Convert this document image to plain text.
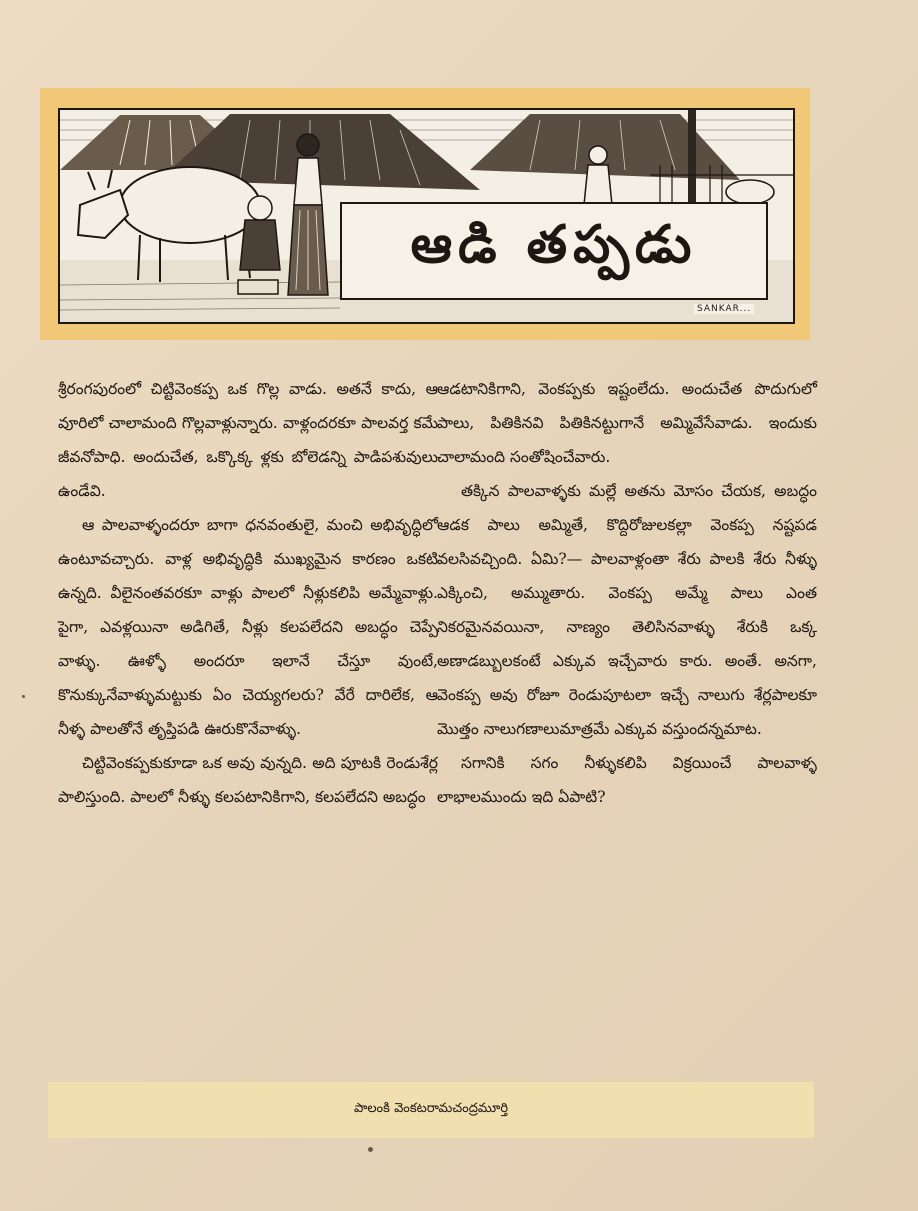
ఆడి తప్పడు
SANKAR...

శ్రీరంగపురంలో చిట్టివెంకప్ప ఒక గొల్ల వాడు. అతనే కాదు, ఆ వూరిలో చాలామంది గొల్లవాళ్లున్నారు. వాళ్లందరకూ పాలవర్త కమే జీవనోపాధి. అందుచేత, ఒక్కొక్క ళ్లకు బోలెడన్ని పాడిపశువులు ఉండేవి.

ఆ పాలవాళ్ళందరూ బాగా ధనవంతులై, మంచి అభివృద్ధిలో ఉంటూవచ్చారు. వాళ్ల అభివృద్ధికి ముఖ్యమైన కారణం ఒకటి ఉన్నది. వీలైనంతవరకూ వాళ్లు పాలలో నీళ్లుకలిపి అమ్మేవాళ్లు. పైగా, ఎవళ్లయినా అడిగితే, నీళ్లు కలపలేదని అబద్ధం చెప్పే వాళ్ళు. ఊళ్ళో అందరూ ఇలానే చేస్తూ వుంటే, కొనుక్కునేవాళ్ళుమట్టుకు ఏం చెయ్యగలరు? వేరే దారిలేక, ఆ నీళ్ళ పాలతోనే తృప్తిపడి ఊరుకొనేవాళ్ళు.

చిట్టివెంకప్పకుకూడా ఒక అవు వున్నది. అది పూటకి రెండుశేర్ల పాలిస్తుంది. పాలలో నీళ్ళు కలపటానికిగాని, కలపలేదని అబద్ధం

ఆడటానికిగాని, వెంకప్పకు ఇష్టంలేదు. అందుచేత పొదుగులో పాలు, పితికినవి పితికినట్టుగానే అమ్మివేసేవాడు. ఇందుకు చాలామంది సంతోషించేవారు.

తక్కిన పాలవాళ్ళకు మల్లే అతను మోసం చేయక, అబద్ధం ఆడక పాలు అమ్మితే, కొద్దిరోజులకల్లా వెంకప్ప నష్టపడ వలసివచ్చింది. ఏమి?— పాలవాళ్లంతా శేరు పాలకి శేరు నీళ్ళు ఎక్కించి, అమ్ముతారు. వెంకప్ప అమ్మే పాలు ఎంత నికరమైనవయినా, నాణ్యం తెలిసినవాళ్ళు శేరుకి ఒక్క అణాడబ్బులకంటే ఎక్కువ ఇచ్చేవారు కారు. అంతే. అనగా, వెంకప్ప అవు రోజూ రెండుపూటలా ఇచ్చే నాలుగు శేర్లపాలకూ మొత్తం నాలుగణాలుమాత్రమే ఎక్కువ వస్తుందన్నమాట.

సగానికి సగం నీళ్ళుకలిపి విక్రయించే పాలవాళ్ళ లాభాలముందు ఇది ఏపాటి?

పాలంకి వెంకటరామచంద్రమూర్తి
